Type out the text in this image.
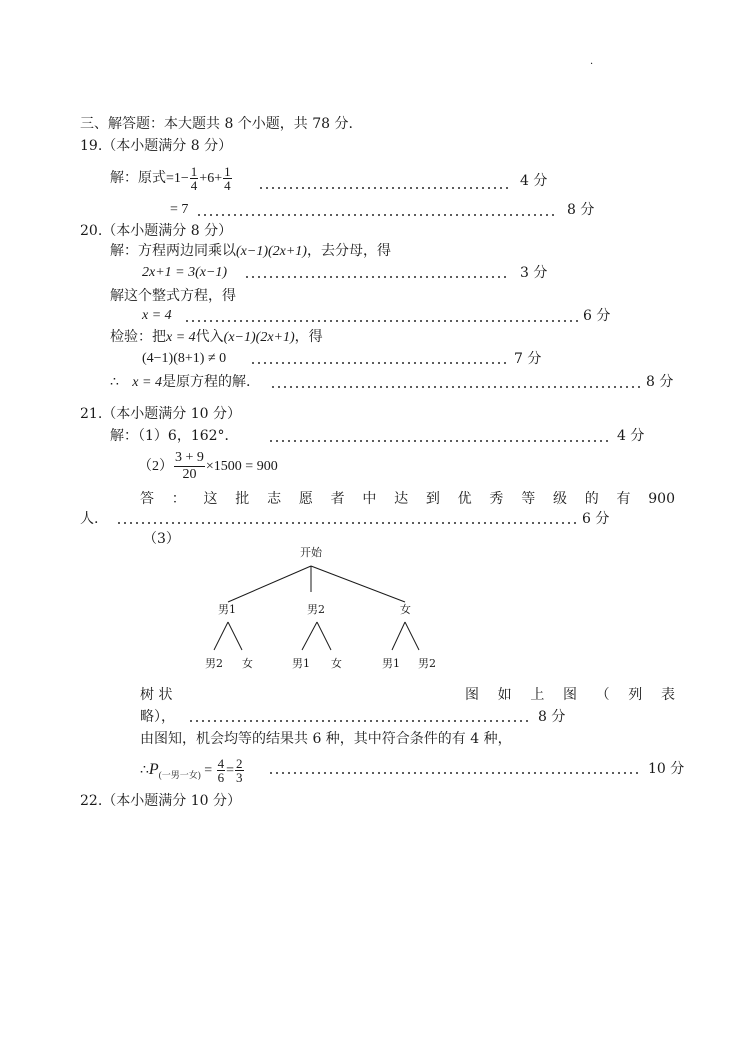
·
三、解答题：本大题共 8 个小题，共 78 分.
19.（本小题满分 8 分）
解：原式$=1- \frac{1}{4} +6+ \frac{1}{4}$	4 分
= 7	8 分
20.（本小题满分 8 分）
解：方程两边同乘以(x−1)(2x+1)，去分母，得
2x+1 = 3(x−1)	3 分
解这个整式方程，得
x = 4	6 分
检验：把x = 4代入(x−1)(2x+1)，得
(4−1)(8+1) ≠ 0	7 分
∴ x = 4是原方程的解.	8 分
21.（本小题满分 10 分）
解：（1）6，162°．	4 分
$(2) \frac{3 + 9}{20} \times 1500 = 900$
答 ： 这 批 志 愿 者 中 达 到 优 秀 等 级 的 有 900
人.	6 分
（3）
开始
男1	男2	女
男2 女	男1 女	男1 男2
树 状	图 如 上 图 （ 列 表
略），	8 分
由图知，机会均等的结果共 6 种，其中符合条件的有 4 种，
$\therefore P_{(一男一女)} = \frac{4}{6} = \frac{2}{3}$	10 分
22.（本小题满分 10 分）
